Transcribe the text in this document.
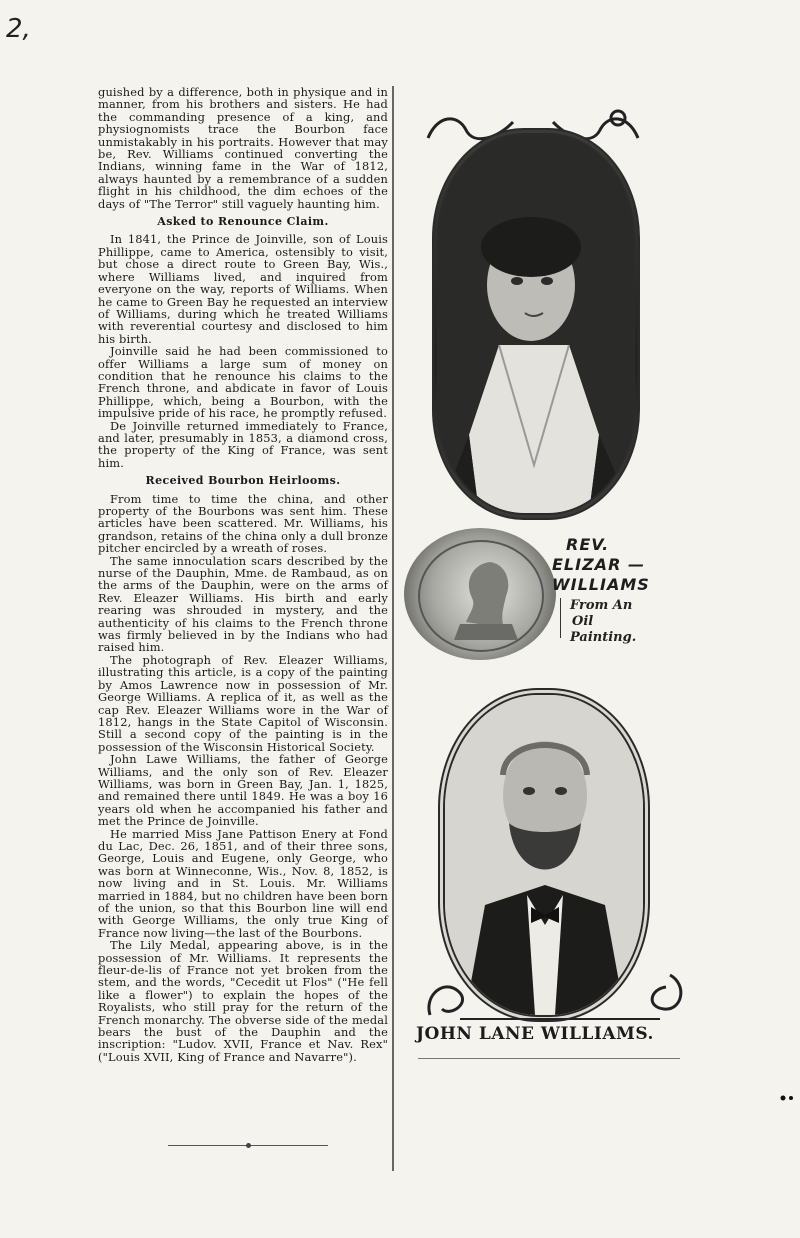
2,

guished by a difference, both in physique and in manner, from his brothers and sisters. He had the commanding presence of a king, and physiognomists trace the Bourbon face unmistakably in his portraits. However that may be, Rev. Williams continued converting the Indians, winning fame in the War of 1812, always haunted by a remembrance of a sudden flight in his childhood, the dim echoes of the days of "The Terror" still vaguely haunting him.

Asked to Renounce Claim.

In 1841, the Prince de Joinville, son of Louis Phillippe, came to America, ostensibly to visit, but chose a direct route to Green Bay, Wis., where Williams lived, and inquired from everyone on the way, reports of Williams. When he came to Green Bay he requested an interview of Williams, during which he treated Williams with reverential courtesy and disclosed to him his birth.

Joinville said he had been commissioned to offer Williams a large sum of money on condition that he renounce his claims to the French throne, and abdicate in favor of Louis Phillippe, which, being a Bourbon, with the impulsive pride of his race, he promptly refused.

De Joinville returned immediately to France, and later, presumably in 1853, a diamond cross, the property of the King of France, was sent him.

Received Bourbon Heirlooms.

From time to time the china, and other property of the Bourbons was sent him. These articles have been scattered. Mr. Williams, his grandson, retains of the china only a dull bronze pitcher encircled by a wreath of roses.

The same innoculation scars described by the nurse of the Dauphin, Mme. de Rambaud, as on the arms of the Dauphin, were on the arms of Rev. Eleazer Williams. His birth and early rearing was shrouded in mystery, and the authenticity of his claims to the French throne was firmly believed in by the Indians who had raised him.

The photograph of Rev. Eleazer Williams, illustrating this article, is a copy of the painting by Amos Lawrence now in possession of Mr. George Williams. A replica of it, as well as the cap Rev. Eleazer Williams wore in the War of 1812, hangs in the State Capitol of Wisconsin. Still a second copy of the painting is in the possession of the Wisconsin Historical Society.

John Lawe Williams, the father of George Williams, and the only son of Rev. Eleazer Williams, was born in Green Bay, Jan. 1, 1825, and remained there until 1849. He was a boy 16 years old when he accompanied his father and met the Prince de Joinville.

He married Miss Jane Pattison Enery at Fond du Lac, Dec. 26, 1851, and of their three sons, George, Louis and Eugene, only George, who was born at Winneconne, Wis., Nov. 8, 1852, is now living and in St. Louis. Mr. Williams married in 1884, but no children have been born of the union, so that this Bourbon line will end with George Williams, the only true King of France now living—the last of the Bourbons.

The Lily Medal, appearing above, is in the possession of Mr. Williams. It represents the fleur-de-lis of France not yet broken from the stem, and the words, "Cecedit ut Flos" ("He fell like a flower") to explain the hopes of the Royalists, who still pray for the return of the French monarchy. The obverse side of the medal bears the bust of the Dauphin and the inscription: "Ludov. XVII, France et Nav. Rex" ("Louis XVII, King of France and Navarre").

REV.
ELIZAR —
WILLIAMS
From An
Oil
Painting.
JOHN LANE WILLIAMS.
